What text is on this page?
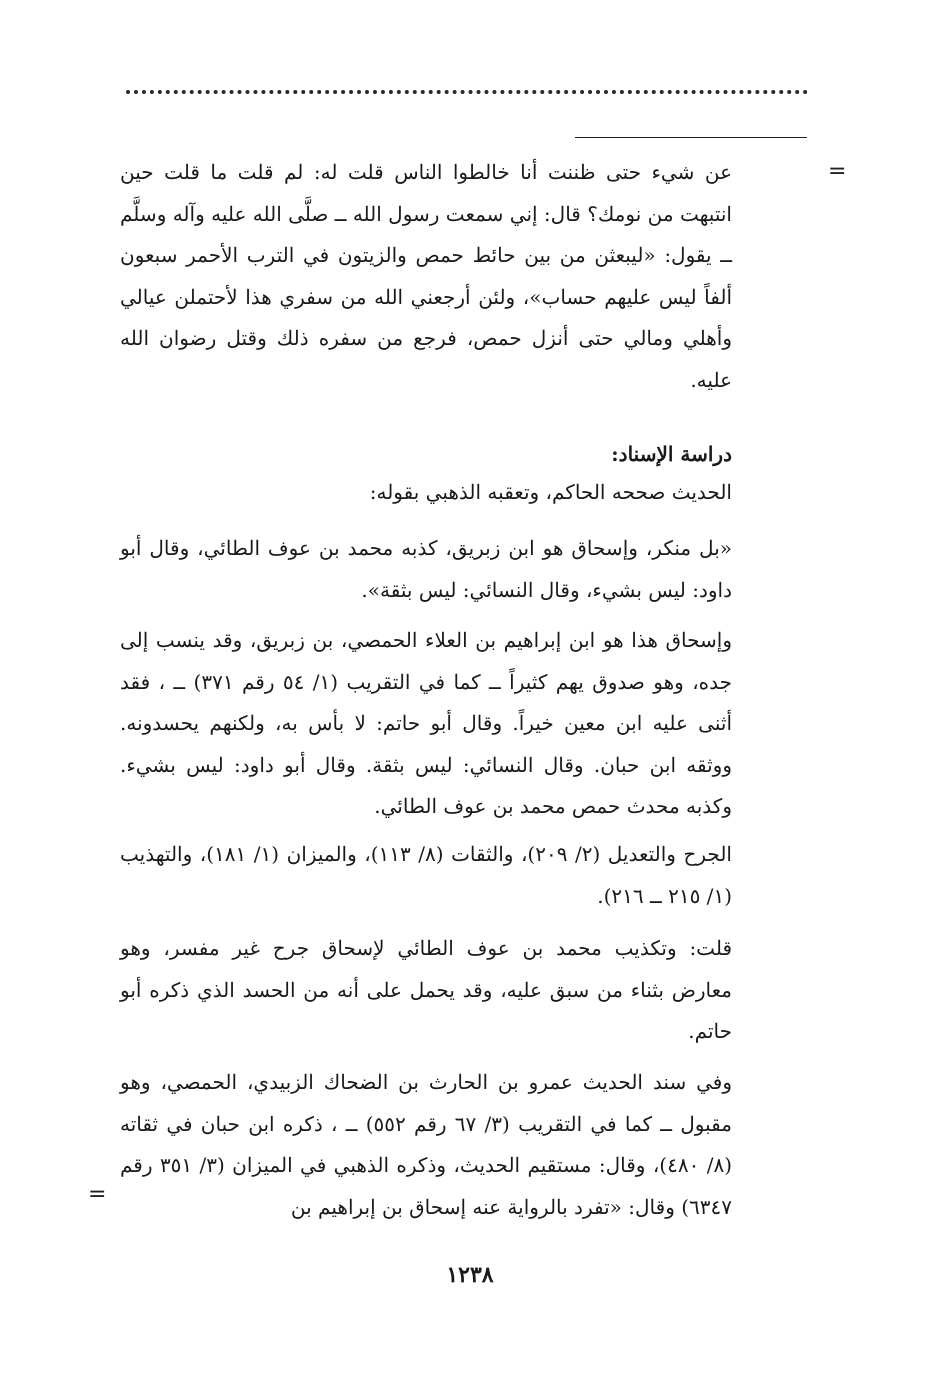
=
=

عن شيء حتى ظننت أنا خالطوا الناس قلت له: لم قلت ما قلت حين انتبهت من نومك؟ قال: إني سمعت رسول الله ــ صلَّى الله عليه وآله وسلَّم ــ يقول: «ليبعثن من بين حائط حمص والزيتون في الترب الأحمر سبعون ألفاً ليس عليهم حساب»، ولئن أرجعني الله من سفري هذا لأحتملن عيالي وأهلي ومالي حتى أنزل حمص، فرجع من سفره ذلك وقتل رضوان الله عليه.

دراسة الإسناد:

الحديث صححه الحاكم، وتعقبه الذهبي بقوله:

«بل منكر، وإسحاق هو ابن زبريق، كذبه محمد بن عوف الطائي، وقال أبو داود: ليس بشيء، وقال النسائي: ليس بثقة».

وإسحاق هذا هو ابن إبراهيم بن العلاء الحمصي، بن زبريق، وقد ينسب إلى جده، وهو صدوق يهم كثيراً ــ كما في التقريب (١/ ٥٤ رقم ٣٧١) ــ ، فقد أثنى عليه ابن معين خيراً. وقال أبو حاتم: لا بأس به، ولكنهم يحسدونه. ووثقه ابن حبان. وقال النسائي: ليس بثقة. وقال أبو داود: ليس بشيء. وكذبه محدث حمص محمد بن عوف الطائي.

الجرح والتعديل (٢/ ٢٠٩)، والثقات (٨/ ١١٣)، والميزان (١/ ١٨١)، والتهذيب (١/ ٢١٥ ــ ٢١٦).

قلت: وتكذيب محمد بن عوف الطائي لإسحاق جرح غير مفسر، وهو معارض بثناء من سبق عليه، وقد يحمل على أنه من الحسد الذي ذكره أبو حاتم.

وفي سند الحديث عمرو بن الحارث بن الضحاك الزبيدي، الحمصي، وهو مقبول ــ كما في التقريب (٣/ ٦٧ رقم ٥٥٢) ــ ، ذكره ابن حبان في ثقاته (٨/ ٤٨٠)، وقال: مستقيم الحديث، وذكره الذهبي في الميزان (٣/ ٣٥١ رقم ٦٣٤٧) وقال: «تفرد بالرواية عنه إسحاق بن إبراهيم بن

١٢٣٨
